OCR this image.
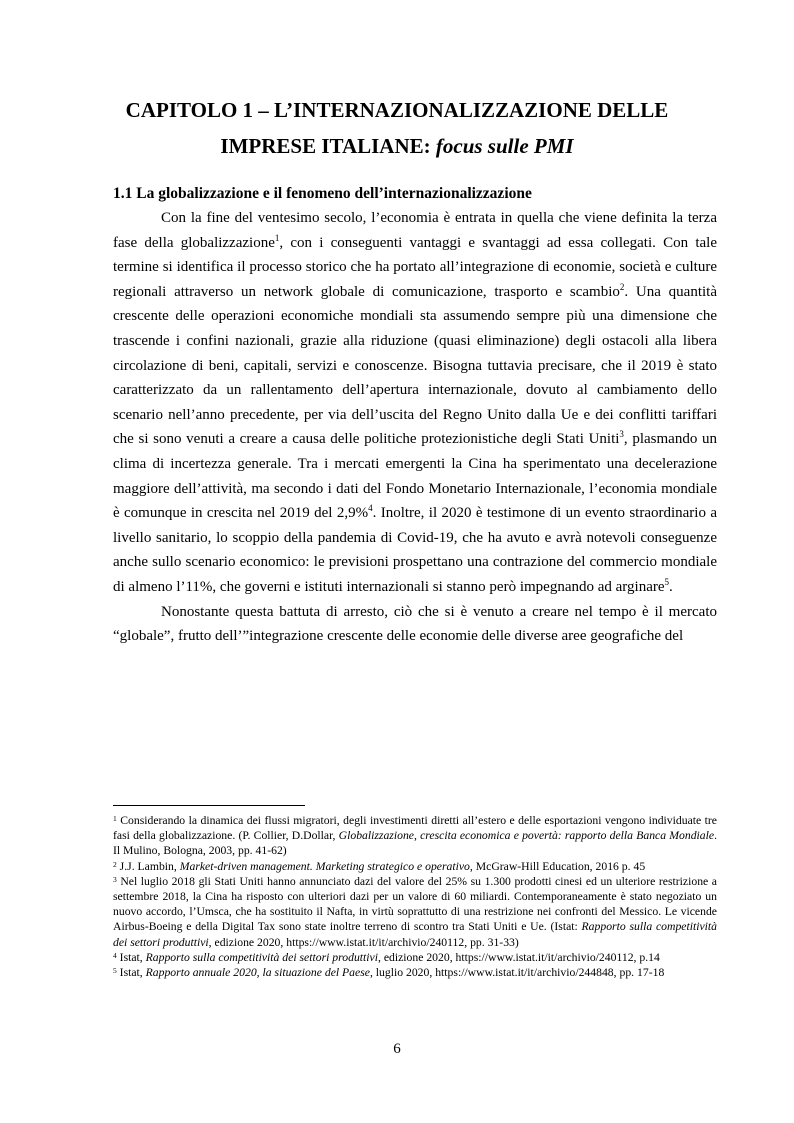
CAPITOLO 1 – L’INTERNAZIONALIZZAZIONE DELLE
IMPRESE ITALIANE: focus sulle PMI
1.1 La globalizzazione e il fenomeno dell’internazionalizzazione

Con la fine del ventesimo secolo, l’economia è entrata in quella che viene definita la terza fase della globalizzazione$^1$, con i conseguenti vantaggi e svantaggi ad essa collegati. Con tale termine si identifica il processo storico che ha portato all’integrazione di economie, società e culture regionali attraverso un network globale di comunicazione, trasporto e scambio$^2$. Una quantità crescente delle operazioni economiche mondiali sta assumendo sempre più una dimensione che trascende i confini nazionali, grazie alla riduzione (quasi eliminazione) degli ostacoli alla libera circolazione di beni, capitali, servizi e conoscenze. Bisogna tuttavia precisare, che il 2019 è stato caratterizzato da un rallentamento dell’apertura internazionale, dovuto al cambiamento dello scenario nell’anno precedente, per via dell’uscita del Regno Unito dalla Ue e dei conflitti tariffari che si sono venuti a creare a causa delle politiche protezionistiche degli Stati Uniti$^3$, plasmando un clima di incertezza generale. Tra i mercati emergenti la Cina ha sperimentato una decelerazione maggiore dell’attività, ma secondo i dati del Fondo Monetario Internazionale, l’economia mondiale è comunque in crescita nel 2019 del 2,9%$^4$. Inoltre, il 2020 è testimone di un evento straordinario a livello sanitario, lo scoppio della pandemia di Covid-19, che ha avuto e avrà notevoli conseguenze anche sullo scenario economico: le previsioni prospettano una contrazione del commercio mondiale di almeno l’11%, che governi e istituti internazionali si stanno però impegnando ad arginare$^5$.

Nonostante questa battuta di arresto, ciò che si è venuto a creare nel tempo è il mercato “globale”, frutto dell’”integrazione crescente delle economie delle diverse aree geografiche del

$^1$ Considerando la dinamica dei flussi migratori, degli investimenti diretti all’estero e delle esportazioni vengono individuate tre fasi della globalizzazione. (P. Collier, D.Dollar, Globalizzazione, crescita economica e povertà: rapporto della Banca Mondiale. Il Mulino, Bologna, 2003, pp. 41-62)

$^2$ J.J. Lambin, Market-driven management. Marketing strategico e operativo, McGraw-Hill Education, 2016 p. 45

$^3$ Nel luglio 2018 gli Stati Uniti hanno annunciato dazi del valore del 25% su 1.300 prodotti cinesi ed un ulteriore restrizione a settembre 2018, la Cina ha risposto con ulteriori dazi per un valore di 60 miliardi. Contemporaneamente è stato negoziato un nuovo accordo, l’Umsca, che ha sostituito il Nafta, in virtù soprattutto di una restrizione nei confronti del Messico. Le vicende Airbus-Boeing e della Digital Tax sono state inoltre terreno di scontro tra Stati Uniti e Ue. (Istat: Rapporto sulla competitività dei settori produttivi, edizione 2020, https://www.istat.it/it/archivio/240112, pp. 31-33)

$^4$ Istat, Rapporto sulla competitività dei settori produttivi, edizione 2020, https://www.istat.it/it/archivio/240112, p.14

$^5$ Istat, Rapporto annuale 2020, la situazione del Paese, luglio 2020, https://www.istat.it/it/archivio/244848, pp. 17-18

6
